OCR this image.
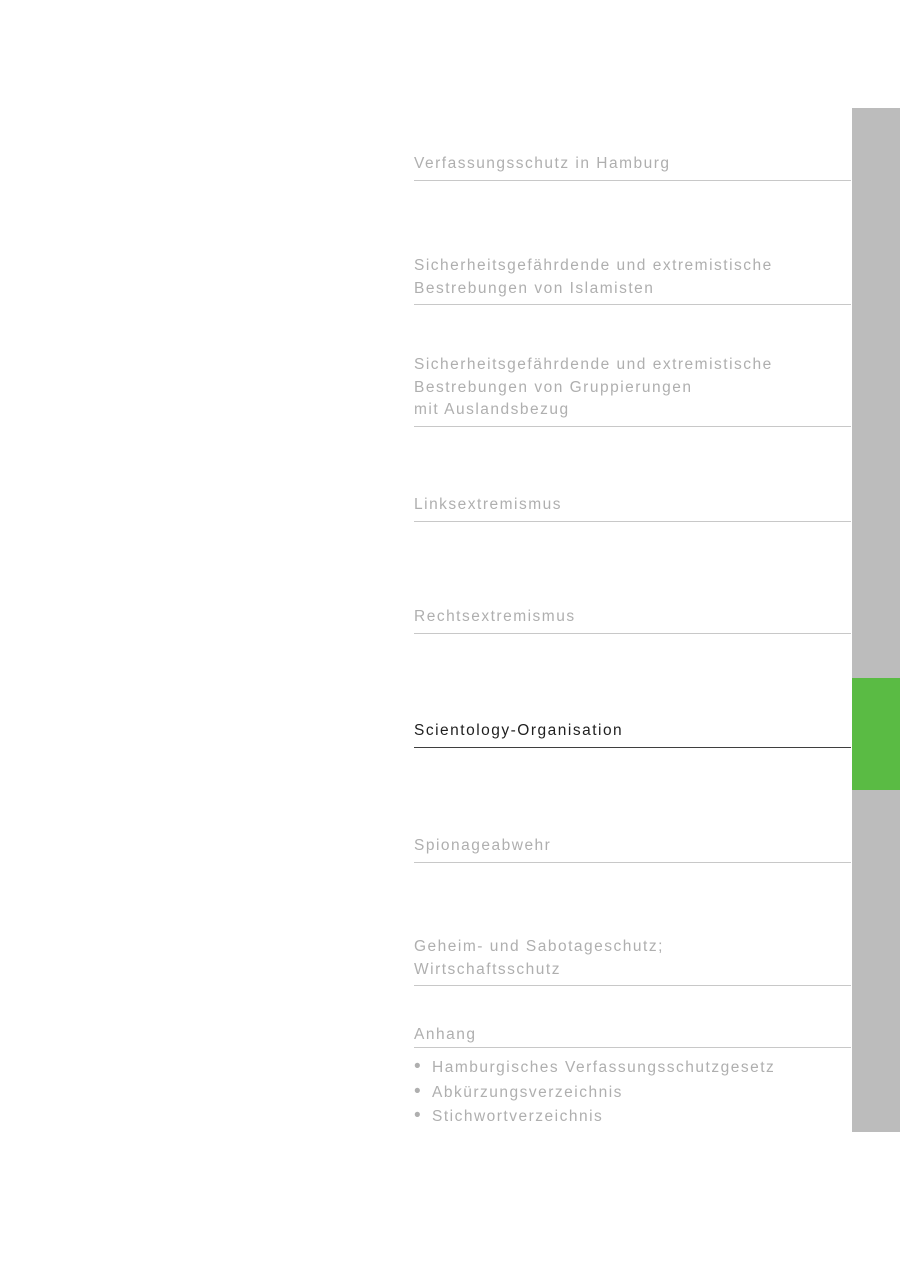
Verfassungsschutz in Hamburg
Sicherheitsgefährdende und extremistische
Bestrebungen von Islamisten
Sicherheitsgefährdende und extremistische
Bestrebungen von Gruppierungen
mit Auslandsbezug
Linksextremismus
Rechtsextremismus
Scientology-Organisation
Spionageabwehr
Geheim- und Sabotageschutz;
Wirtschaftsschutz
Anhang
• Hamburgisches Verfassungsschutzgesetz
• Abkürzungsverzeichnis
• Stichwortverzeichnis
